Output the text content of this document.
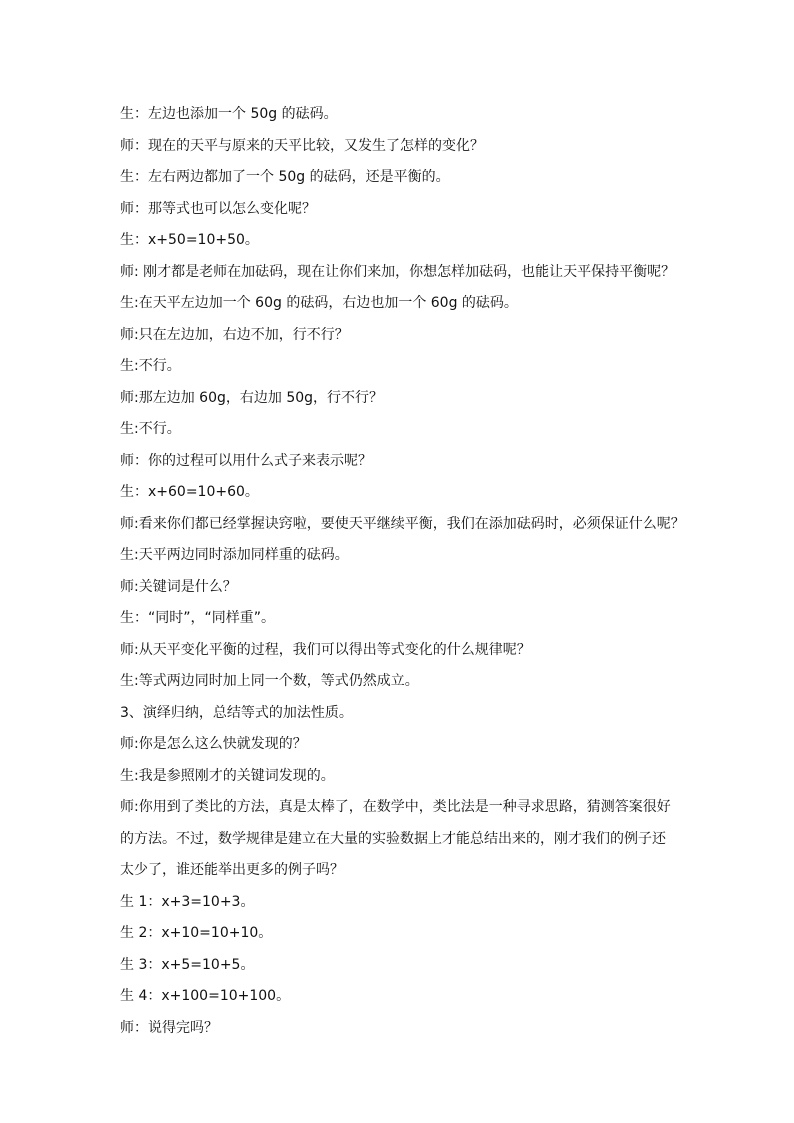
生：左边也添加一个 50g 的砝码。
师：现在的天平与原来的天平比较，又发生了怎样的变化？
生：左右两边都加了一个 50g 的砝码，还是平衡的。
师：那等式也可以怎么变化呢？
生：x+50=10+50。
师: 刚才都是老师在加砝码，现在让你们来加，你想怎样加砝码，也能让天平保持平衡呢？
生:在天平左边加一个 60g 的砝码，右边也加一个 60g 的砝码。
师:只在左边加，右边不加，行不行？
生:不行。
师:那左边加 60g，右边加 50g，行不行？
生:不行。
师：你的过程可以用什么式子来表示呢？
生：x+60=10+60。
师:看来你们都已经掌握诀窍啦，要使天平继续平衡，我们在添加砝码时，必须保证什么呢？
生:天平两边同时添加同样重的砝码。
师:关键词是什么？
生：“同时”，“同样重”。
师:从天平变化平衡的过程，我们可以得出等式变化的什么规律呢？
生:等式两边同时加上同一个数，等式仍然成立。
3、演绎归纳，总结等式的加法性质。
师:你是怎么这么快就发现的？
生:我是参照刚才的关键词发现的。
师:你用到了类比的方法，真是太棒了，在数学中，类比法是一种寻求思路，猜测答案很好的方法。不过，数学规律是建立在大量的实验数据上才能总结出来的，刚才我们的例子还太少了，谁还能举出更多的例子吗？
生 1：x+3=10+3。
生 2：x+10=10+10。
生 3：x+5=10+5。
生 4：x+100=10+100。
师：说得完吗？
